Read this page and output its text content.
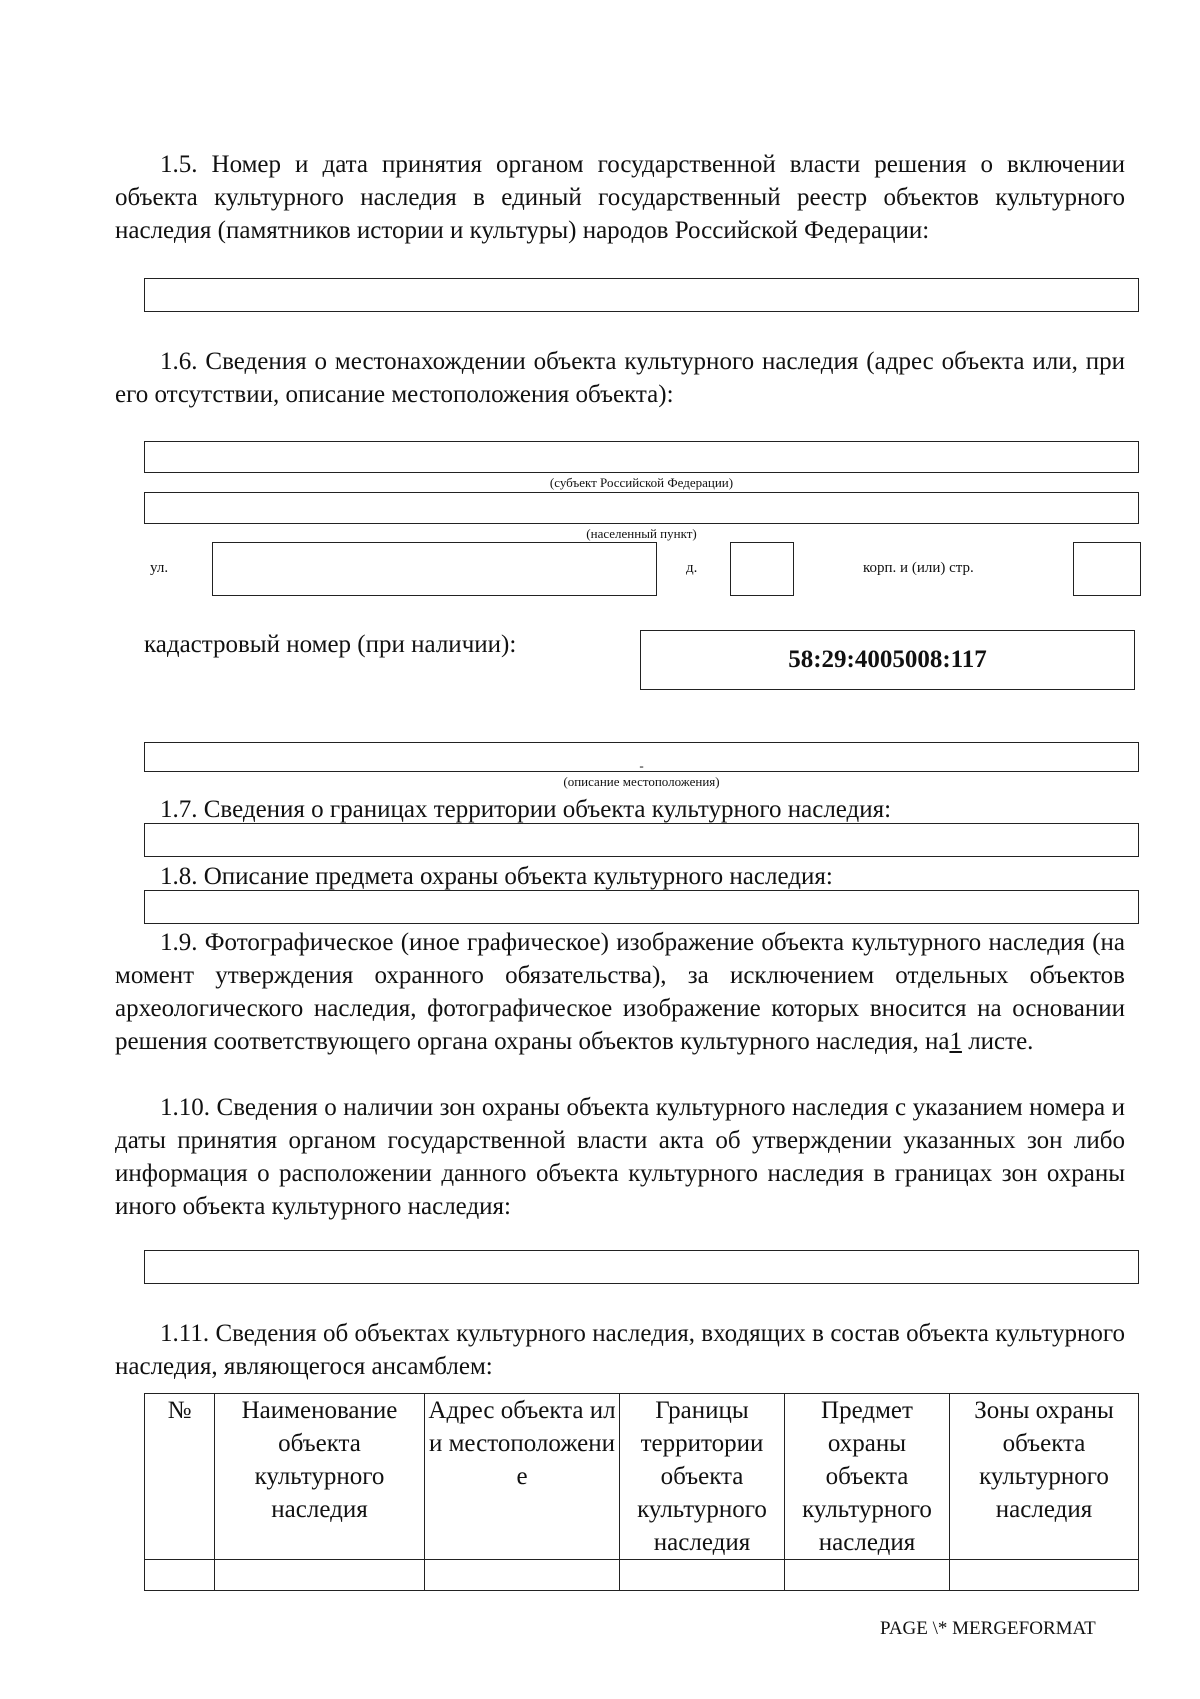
1.5. Номер и дата принятия органом государственной власти решения о включении объекта культурного наследия в единый государственный реестр объектов культурного наследия (памятников истории и культуры) народов Российской Федерации:
1.6. Сведения о местонахождении объекта культурного наследия (адрес объекта или, при его отсутствии, описание местоположения объекта):
(субъект Российской Федерации)
(населенный пункт)
ул.	д.	корп. и (или) стр.
кадастровый номер (при наличии):
58:29:4005008:117
-
(описание местоположения)
1.7. Сведения о границах территории объекта культурного наследия:
1.8. Описание предмета охраны объекта культурного наследия:
1.9. Фотографическое (иное графическое) изображение объекта культурного наследия (на момент утверждения охранного обязательства), за исключением отдельных объектов археологического наследия, фотографическое изображение которых вносится на основании решения соответствующего органа охраны объектов культурного наследия, на1 листе.
1.10. Сведения о наличии зон охраны объекта культурного наследия с указанием номера и даты принятия органом государственной власти акта об утверждении указанных зон либо информация о расположении данного объекта культурного наследия в границах зон охраны иного объекта культурного наследия:
1.11. Сведения об объектах культурного наследия, входящих в состав объекта культурного наследия, являющегося ансамблем:
№	Наименование объекта культурного наследия	Адрес объекта или местоположение	Границы территории объекта культурного наследия	Предмет охраны объекта культурного наследия	Зоны охраны объекта культурного наследия

PAGE \* MERGEFORMAT
